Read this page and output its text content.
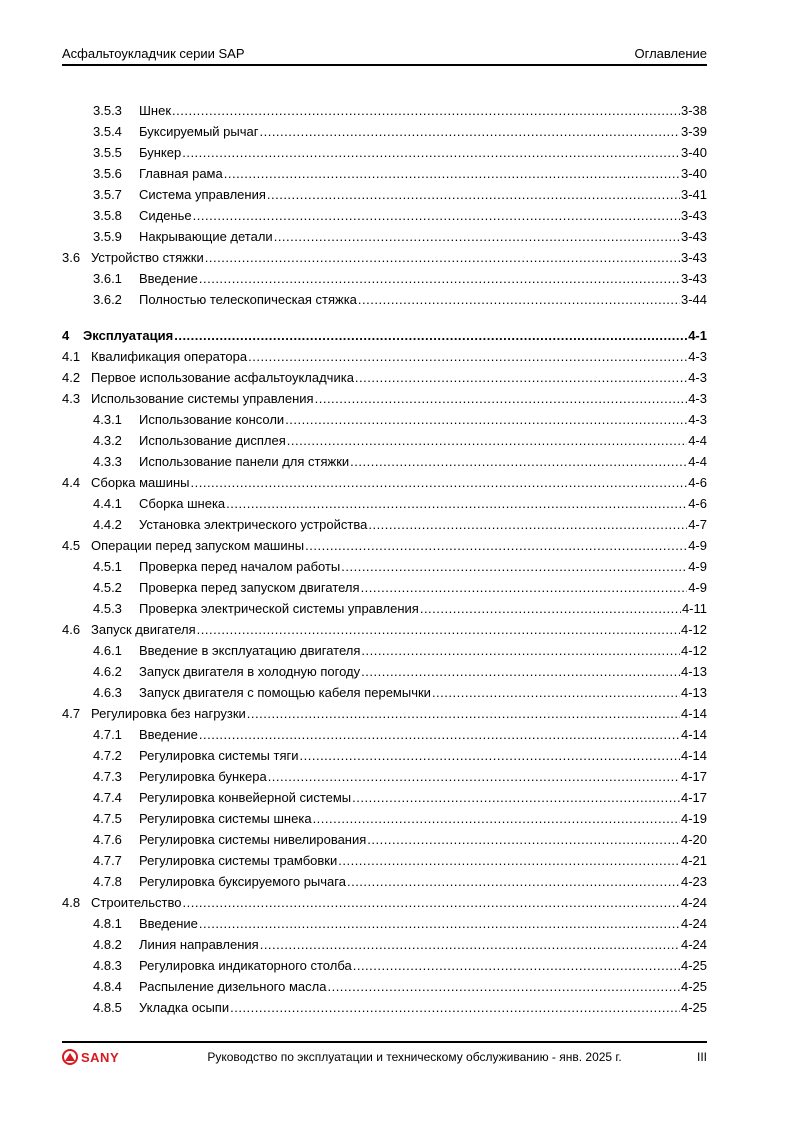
Асфальтоукладчик серии SAP	Оглавление
3.5.3 Шнек .....	3-38
3.5.4 Буксируемый рычаг .....	3-39
3.5.5 Бункер .....	3-40
3.5.6 Главная рама .....	3-40
3.5.7 Система управления .....	3-41
3.5.8 Сиденье .....	3-43
3.5.9 Накрывающие детали .....	3-43
3.6 Устройство стяжки .....	3-43
3.6.1 Введение .....	3-43
3.6.2 Полностью телескопическая стяжка .....	3-44
4 Эксплуатация .....	4-1
4.1 Квалификация оператора .....	4-3
4.2 Первое использование асфальтоукладчика .....	4-3
4.3 Использование системы управления .....	4-3
4.3.1 Использование консоли .....	4-3
4.3.2 Использование дисплея .....	4-4
4.3.3 Использование панели для стяжки .....	4-4
4.4 Сборка машины .....	4-6
4.4.1 Сборка шнека .....	4-6
4.4.2 Установка электрического устройства .....	4-7
4.5 Операции перед запуском машины .....	4-9
4.5.1 Проверка перед началом работы .....	4-9
4.5.2 Проверка перед запуском двигателя .....	4-9
4.5.3 Проверка электрической системы управления .....	4-11
4.6 Запуск двигателя .....	4-12
4.6.1 Введение в эксплуатацию двигателя .....	4-12
4.6.2 Запуск двигателя в холодную погоду .....	4-13
4.6.3 Запуск двигателя с помощью кабеля перемычки .....	4-13
4.7 Регулировка без нагрузки .....	4-14
4.7.1 Введение .....	4-14
4.7.2 Регулировка системы тяги .....	4-14
4.7.3 Регулировка бункера .....	4-17
4.7.4 Регулировка конвейерной системы .....	4-17
4.7.5 Регулировка системы шнека .....	4-19
4.7.6 Регулировка системы нивелирования .....	4-20
4.7.7 Регулировка системы трамбовки .....	4-21
4.7.8 Регулировка буксируемого рычага .....	4-23
4.8 Строительство .....	4-24
4.8.1 Введение .....	4-24
4.8.2 Линия направления .....	4-24
4.8.3 Регулировка индикаторного столба .....	4-25
4.8.4 Распыление дизельного масла .....	4-25
4.8.5 Укладка осыпи .....	4-25
SANY	Руководство по эксплуатации и техническому обслуживанию - янв. 2025 г.	III
